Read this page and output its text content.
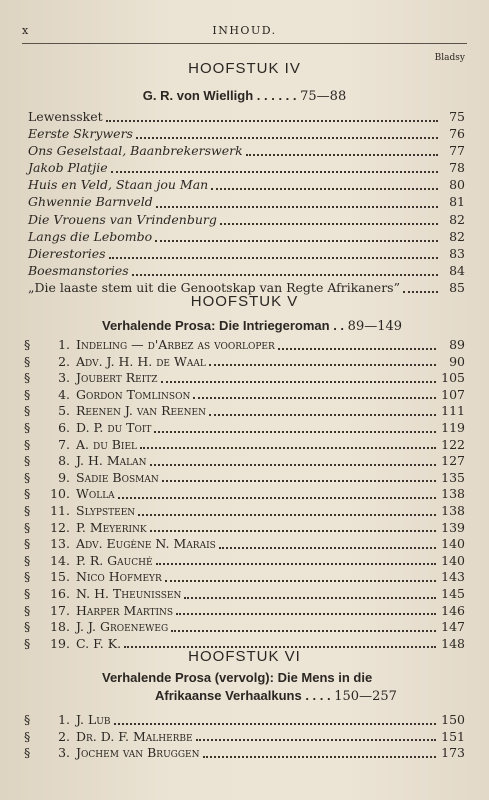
x	INHOUD.
Bladsy
HOOFSTUK IV
G. R. von Wielligh . . . . . . 75—88
Lewenssket	75
Eerste Skrywers	76
Ons Geselstaal, Baanbrekerswerk	77
Jakob Platjie	78
Huis en Veld, Staan jou Man	80
Ghwennie Barnveld	81
Die Vrouens van Vrindenburg	82
Langs die Lebombo	82
Dierestories	83
Boesmanstories	84
„Die laaste stem uit die Genootskap van Regte Afrikaners”	85
HOOFSTUK V
Verhalende Prosa: Die Intriegeroman . . 89—149
§	1. Indeling — d'Arbez as voorloper	89
§	2. Adv. J. H. H. de Waal	90
§	3. Joubert Reitz	105
§	4. Gordon Tomlinson	107
§	5. Reenen J. van Reenen	111
§	6. D. P. du Toit	119
§	7. A. du Biel	122
§	8. J. H. Malan	127
§	9. Sadie Bosman	135
§	10. Wolla	138
§	11. Slypsteen	138
§	12. P. Meyerink	139
§	13. Adv. Eugène N. Marais	140
§	14. P. R. Gauché	140
§	15. Nico Hofmeyr	143
§	16. N. H. Theunissen	145
§	17. Harper Martins	146
§	18. J. J. Groeneweg	147
§	19. C. F. K.	148
HOOFSTUK VI
Verhalende Prosa (vervolg): Die Mens in die
Afrikaanse Verhaalkuns . . . . 150—257
§	1. J. Lub	150
§	2. Dr. D. F. Malherbe	151
§	3. Jochem van Bruggen	173
